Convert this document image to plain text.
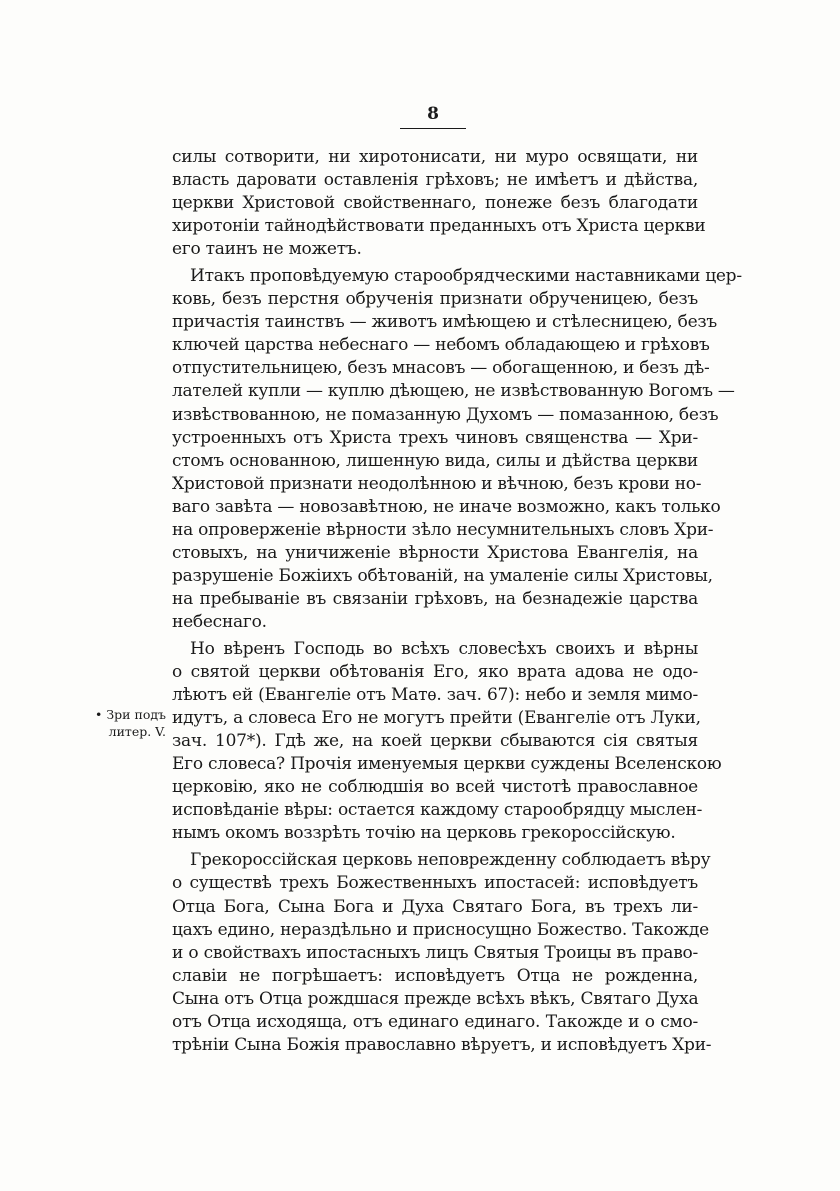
8
• Зри подъ
литер. V.
силы сотворити, ни хиротонисати, ни муро освящати, ни
власть даровати оставленія грѣховъ; не имѣетъ и дѣйства,
церкви Христовой свойственнаго, понеже безъ благодати
хиротоніи тайнодѣйствовати преданныхъ отъ Христа церкви
его таинъ не можетъ.
Итакъ проповѣдуемую старообрядческими наставниками цер-
ковь, безъ перстня обрученія признати обрученицею, безъ
причастія таинствъ — животъ имѣющею и стѣлесницею, безъ
ключей царства небеснаго — небомъ обладающею и грѣховъ
отпустительницею, безъ мнасовъ — обогащенною, и безъ дѣ-
лателей купли — куплю дѣющею, не извѣствованную Вогомъ —
извѣствованною, не помазанную Духомъ — помазанною, безъ
устроенныхъ отъ Христа трехъ чиновъ священства — Хри-
стомъ основанною, лишенную вида, силы и дѣйства церкви
Христовой признати неодолѣнною и вѣчною, безъ крови но-
ваго завѣта — новозавѣтною, не иначе возможно, какъ только
на опроверженіе вѣрности зѣло несумнительныхъ словъ Хри-
стовыхъ, на уничиженіе вѣрности Христова Евангелія, на
разрушеніе Божіихъ обѣтованій, на умаленіе силы Христовы,
на пребываніе въ связаніи грѣховъ, на безнадежіе царства
небеснаго.
Но вѣренъ Господь во всѣхъ словесѣхъ своихъ и вѣрны
о святой церкви обѣтованія Его, яко врата адова не одо-
лѣютъ ей (Евангеліе отъ Матѳ. зач. 67): небо и земля мимо-
идутъ, а словеса Его не могутъ прейти (Евангеліе отъ Луки,
зач. 107*). Гдѣ же, на коей церкви сбываются сія святыя
Его словеса? Прочія именуемыя церкви суждены Вселенскою
церковію, яко не соблюдшія во всей чистотѣ православное
исповѣданіе вѣры: остается каждому старообрядцу мыслен-
нымъ окомъ воззрѣть точію на церковь грекороссійскую.
Грекороссійская церковь неповрежденну соблюдаетъ вѣру
о существѣ трехъ Божественныхъ ипостасей: исповѣдуетъ
Отца Бога, Сына Бога и Духа Святаго Бога, въ трехъ ли-
цахъ едино, нераздѣльно и присносущно Божество. Такожде
и о свойствахъ ипостасныхъ лицъ Святыя Троицы въ право-
славіи не погрѣшаетъ: исповѣдуетъ Отца не рожденна,
Сына отъ Отца рождшася прежде всѣхъ вѣкъ, Святаго Духа
отъ Отца исходяща, отъ единаго единаго. Такожде и о смо-
трѣніи Сына Божія православно вѣруетъ, и исповѣдуетъ Хри-
